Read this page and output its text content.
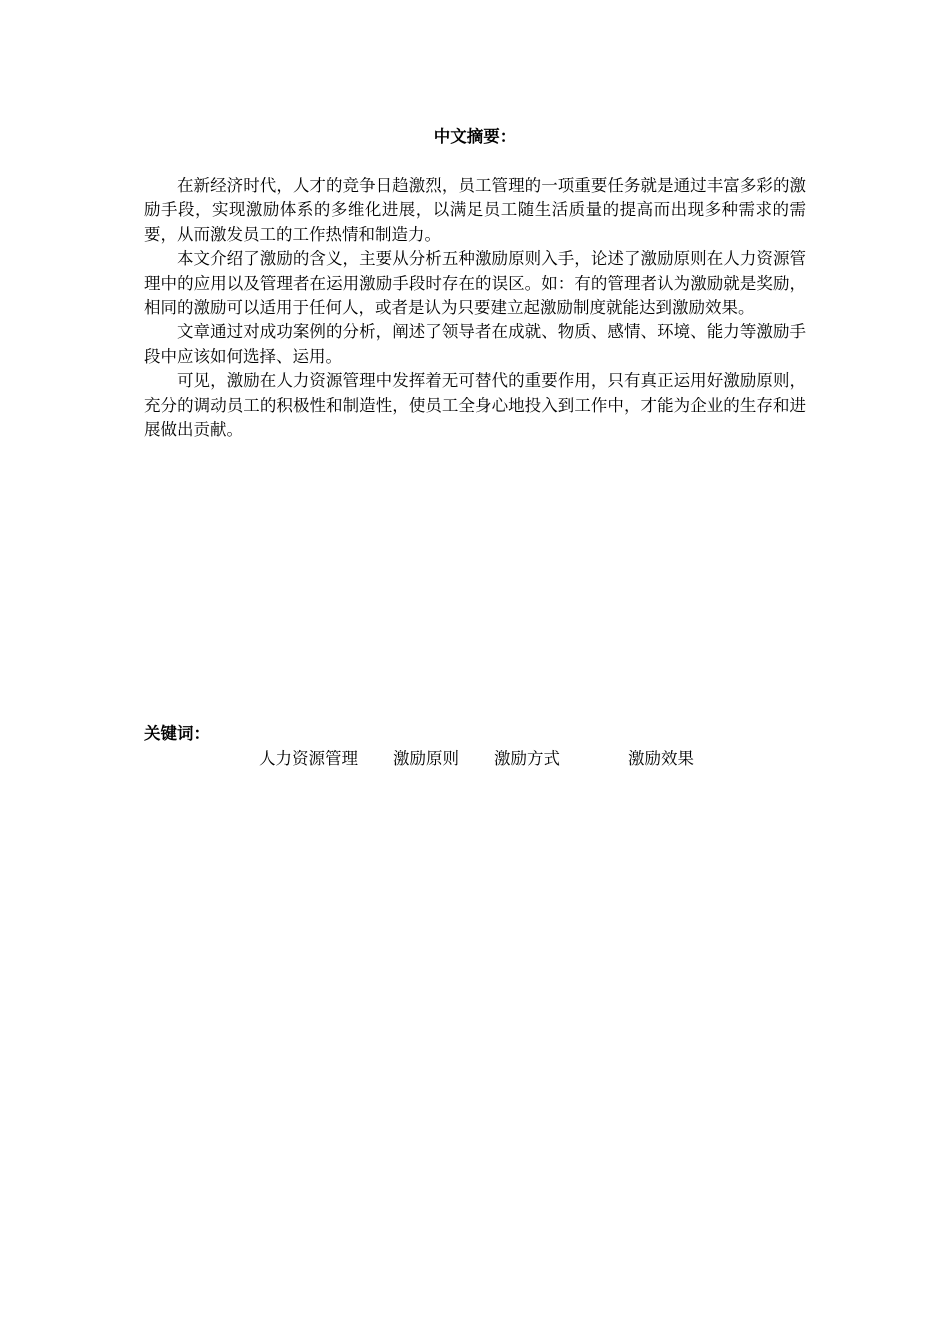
中文摘要：

在新经济时代，人才的竞争日趋激烈，员工管理的一项重要任务就是通过丰富多彩的激励手段，实现激励体系的多维化进展，以满足员工随生活质量的提高而出现多种需求的需要，从而激发员工的工作热情和制造力。

本文介绍了激励的含义，主要从分析五种激励原则入手，论述了激励原则在人力资源管理中的应用以及管理者在运用激励手段时存在的误区。如：有的管理者认为激励就是奖励，相同的激励可以适用于任何人，或者是认为只要建立起激励制度就能达到激励效果。

文章通过对成功案例的分析，阐述了领导者在成就、物质、感情、环境、能力等激励手段中应该如何选择、运用。

可见，激励在人力资源管理中发挥着无可替代的重要作用，只有真正运用好激励原则，充分的调动员工的积极性和制造性，使员工全身心地投入到工作中，才能为企业的生存和进展做出贡献。

关键词：
人力资源管理 激励原则 激励方式	激励效果
